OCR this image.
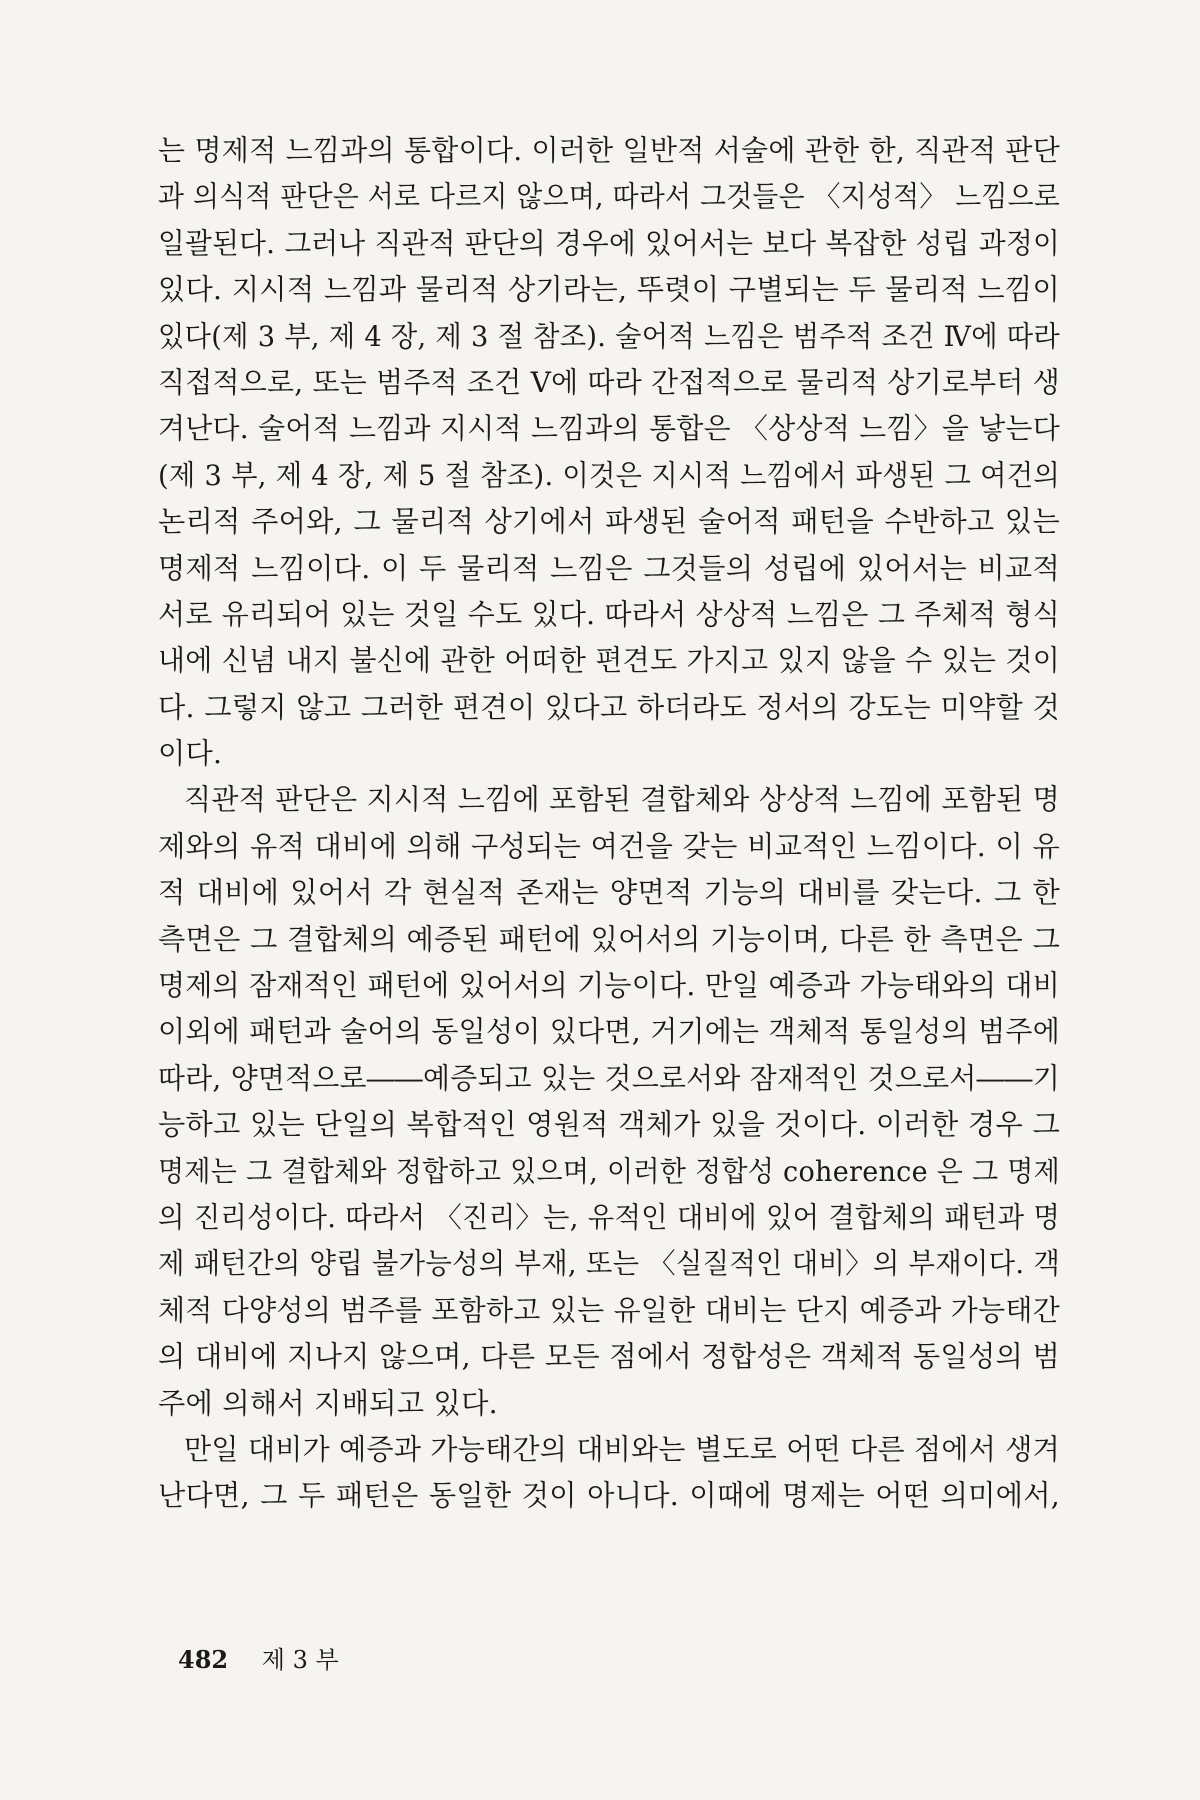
는 명제적 느낌과의 통합이다. 이러한 일반적 서술에 관한 한, 직관적 판단
과 의식적 판단은 서로 다르지 않으며, 따라서 그것들은 〈지성적〉 느낌으로
일괄된다. 그러나 직관적 판단의 경우에 있어서는 보다 복잡한 성립 과정이
있다. 지시적 느낌과 물리적 상기라는, 뚜렷이 구별되는 두 물리적 느낌이
있다(제 3 부, 제 4 장, 제 3 절 참조). 술어적 느낌은 범주적 조건 Ⅳ에 따라
직접적으로, 또는 범주적 조건 Ⅴ에 따라 간접적으로 물리적 상기로부터 생
겨난다. 술어적 느낌과 지시적 느낌과의 통합은 〈상상적 느낌〉을 낳는다
(제 3 부, 제 4 장, 제 5 절 참조). 이것은 지시적 느낌에서 파생된 그 여건의
논리적 주어와, 그 물리적 상기에서 파생된 술어적 패턴을 수반하고 있는
명제적 느낌이다. 이 두 물리적 느낌은 그것들의 성립에 있어서는 비교적
서로 유리되어 있는 것일 수도 있다. 따라서 상상적 느낌은 그 주체적 형식
내에 신념 내지 불신에 관한 어떠한 편견도 가지고 있지 않을 수 있는 것이
다. 그렇지 않고 그러한 편견이 있다고 하더라도 정서의 강도는 미약할 것
이다.
직관적 판단은 지시적 느낌에 포함된 결합체와 상상적 느낌에 포함된 명
제와의 유적 대비에 의해 구성되는 여건을 갖는 비교적인 느낌이다. 이 유
적 대비에 있어서 각 현실적 존재는 양면적 기능의 대비를 갖는다. 그 한
측면은 그 결합체의 예증된 패턴에 있어서의 기능이며, 다른 한 측면은 그
명제의 잠재적인 패턴에 있어서의 기능이다. 만일 예증과 가능태와의 대비
이외에 패턴과 술어의 동일성이 있다면, 거기에는 객체적 통일성의 범주에
따라, 양면적으로――예증되고 있는 것으로서와 잠재적인 것으로서――기
능하고 있는 단일의 복합적인 영원적 객체가 있을 것이다. 이러한 경우 그
명제는 그 결합체와 정합하고 있으며, 이러한 정합성 coherence 은 그 명제
의 진리성이다. 따라서 〈진리〉는, 유적인 대비에 있어 결합체의 패턴과 명
제 패턴간의 양립 불가능성의 부재, 또는 〈실질적인 대비〉의 부재이다. 객
체적 다양성의 범주를 포함하고 있는 유일한 대비는 단지 예증과 가능태간
의 대비에 지나지 않으며, 다른 모든 점에서 정합성은 객체적 동일성의 범
주에 의해서 지배되고 있다.
만일 대비가 예증과 가능태간의 대비와는 별도로 어떤 다른 점에서 생겨
난다면, 그 두 패턴은 동일한 것이 아니다. 이때에 명제는 어떤 의미에서,
482 제 3 부
